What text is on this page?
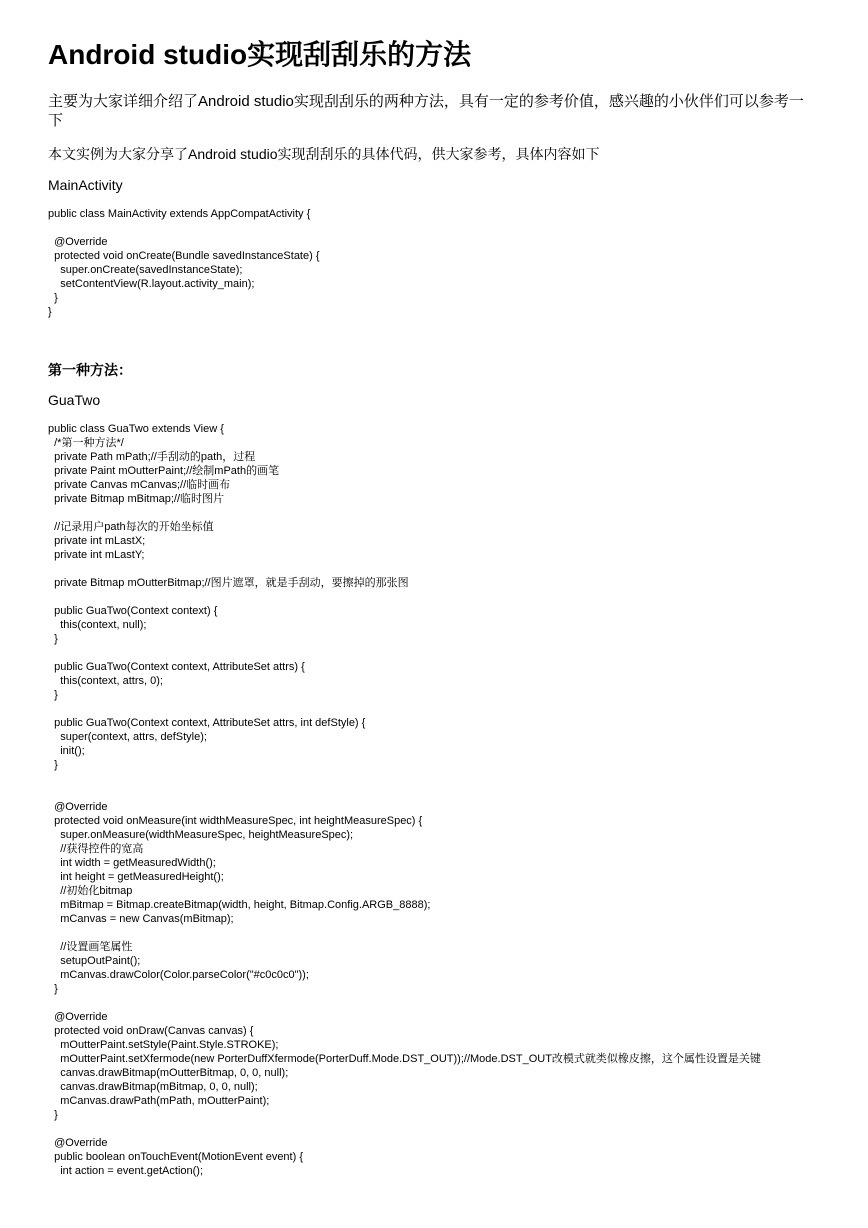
Android studio实现刮刮乐的方法

主要为大家详细介绍了Android studio实现刮刮乐的两种方法，具有一定的参考价值，感兴趣的小伙伴们可以参考一下

本文实例为大家分享了Android studio实现刮刮乐的具体代码，供大家参考，具体内容如下

MainActivity

public class MainActivity extends AppCompatActivity {
@Override
protected void onCreate(Bundle savedInstanceState) {
super.onCreate(savedInstanceState);
setContentView(R.layout.activity_main);
}
}

第一种方法：

GuaTwo

public class GuaTwo extends View {
/*第一种方法*/
private Path mPath;//手刮动的path，过程
private Paint mOutterPaint;//绘制mPath的画笔
private Canvas mCanvas;//临时画布
private Bitmap mBitmap;//临时图片
//记录用户path每次的开始坐标值
private int mLastX;
private int mLastY;
private Bitmap mOutterBitmap;//图片遮罩，就是手刮动，要擦掉的那张图
public GuaTwo(Context context) {
this(context, null);
}
public GuaTwo(Context context, AttributeSet attrs) {
this(context, attrs, 0);
}
public GuaTwo(Context context, AttributeSet attrs, int defStyle) {
super(context, attrs, defStyle);
init();
}
@Override
protected void onMeasure(int widthMeasureSpec, int heightMeasureSpec) {
super.onMeasure(widthMeasureSpec, heightMeasureSpec);
//获得控件的宽高
int width = getMeasuredWidth();
int height = getMeasuredHeight();
//初始化bitmap
mBitmap = Bitmap.createBitmap(width, height, Bitmap.Config.ARGB_8888);
mCanvas = new Canvas(mBitmap);
//设置画笔属性
setupOutPaint();
mCanvas.drawColor(Color.parseColor("#c0c0c0"));
}
@Override
protected void onDraw(Canvas canvas) {
mOutterPaint.setStyle(Paint.Style.STROKE);
mOutterPaint.setXfermode(new PorterDuffXfermode(PorterDuff.Mode.DST_OUT));//Mode.DST_OUT改模式就类似橡皮擦，这个属性设置是关键
canvas.drawBitmap(mOutterBitmap, 0, 0, null);
canvas.drawBitmap(mBitmap, 0, 0, null);
mCanvas.drawPath(mPath, mOutterPaint);
}
@Override
public boolean onTouchEvent(MotionEvent event) {
int action = event.getAction();
